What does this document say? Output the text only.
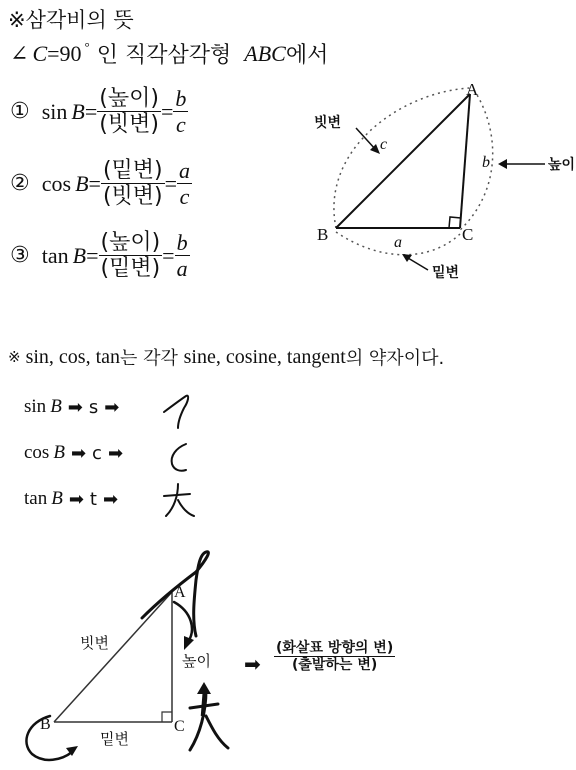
※삼각비의 뜻
∠ C =90 ° 인 직각삼각형 ABC 에서
① $\sin B = \frac{\text{(높이)}}{\text{(빗변)}} = \frac{b}{c}$
② $\cos B = \frac{\text{(밑변)}}{\text{(빗변)}} = \frac{a}{c}$
③ $\tan B = \frac{\text{(높이)}}{\text{(밑변)}} = \frac{b}{a}$
A
B	C
c
b
a
빗변
높이
밑변
※ sin, cos, tan 는 각각 sine, cosine, tangent 의 약자이다.
sin B ➡ s ➡
cos B ➡ c ➡
tan B ➡ t ➡
A
B	C
빗변
높이
밑변
➡ $\frac{\text{(화살표 방향의 변)}}{\text{(출발하는 변)}}$
